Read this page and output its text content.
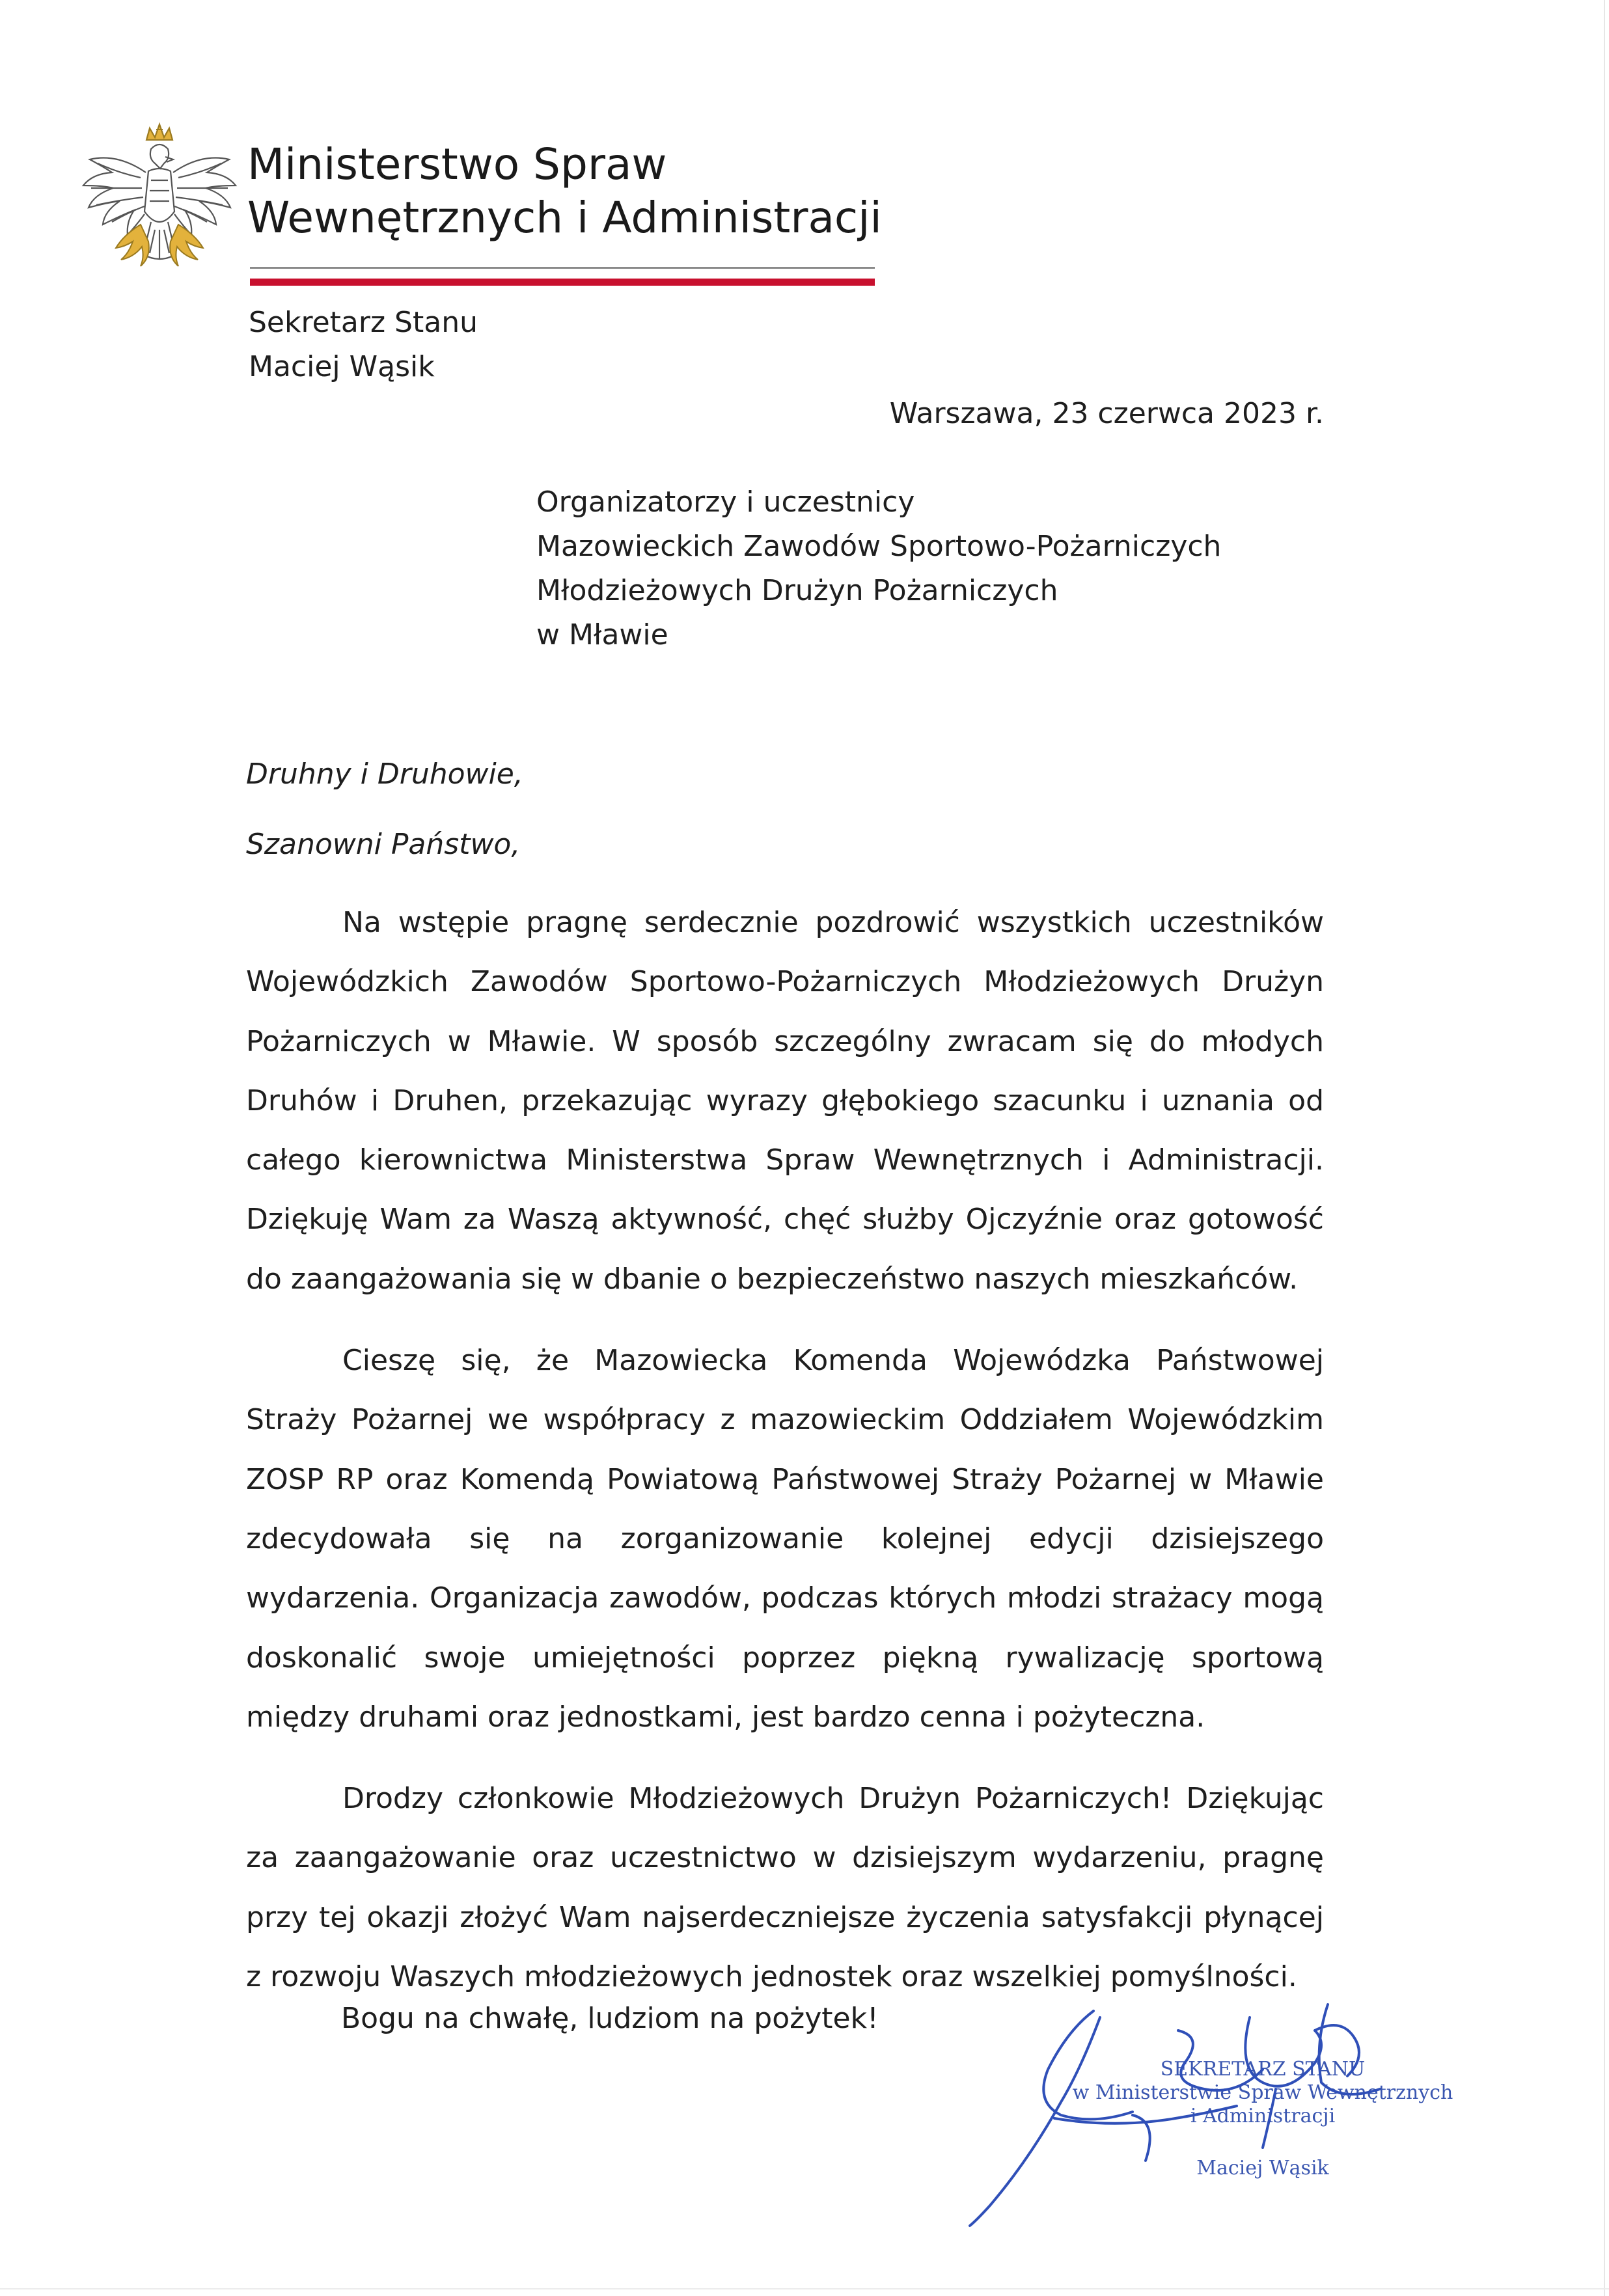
Ministerstwo Spraw
Wewnętrznych i Administracji
Sekretarz Stanu
Maciej Wąsik
Warszawa, 23 czerwca 2023 r.
Organizatorzy i uczestnicy
Mazowieckich Zawodów Sportowo-Pożarniczych
Młodzieżowych Drużyn Pożarniczych
w Mławie
Druhny i Druhowie,
Szanowni Państwo,

Na wstępie pragnę serdecznie pozdrowić wszystkich uczestników Wojewódzkich Zawodów Sportowo-Pożarniczych Młodzieżowych Drużyn Pożarniczych w Mławie. W sposób szczególny zwracam się do młodych Druhów i Druhen, przekazując wyrazy głębokiego szacunku i uznania od całego kierownictwa Ministerstwa Spraw Wewnętrznych i Administracji. Dziękuję Wam za Waszą aktywność, chęć służby Ojczyźnie oraz gotowość do zaangażowania się w dbanie o bezpieczeństwo naszych mieszkańców.

Cieszę się, że Mazowiecka Komenda Wojewódzka Państwowej Straży Pożarnej we współpracy z mazowieckim Oddziałem Wojewódzkim ZOSP RP oraz Komendą Powiatową Państwowej Straży Pożarnej w Mławie zdecydowała się na zorganizowanie kolejnej edycji dzisiejszego wydarzenia. Organizacja zawodów, podczas których młodzi strażacy mogą doskonalić swoje umiejętności poprzez piękną rywalizację sportową między druhami oraz jednostkami, jest bardzo cenna i pożyteczna.

Drodzy członkowie Młodzieżowych Drużyn Pożarniczych! Dziękując za zaangażowanie oraz uczestnictwo w dzisiejszym wydarzeniu, pragnę przy tej okazji złożyć Wam najserdeczniejsze życzenia satysfakcji płynącej z rozwoju Waszych młodzieżowych jednostek oraz wszelkiej pomyślności.

Bogu na chwałę, ludziom na pożytek!
SEKRETARZ STANU
w Ministerstwie Spraw Wewnętrznych
i Administracji
Maciej Wąsik
